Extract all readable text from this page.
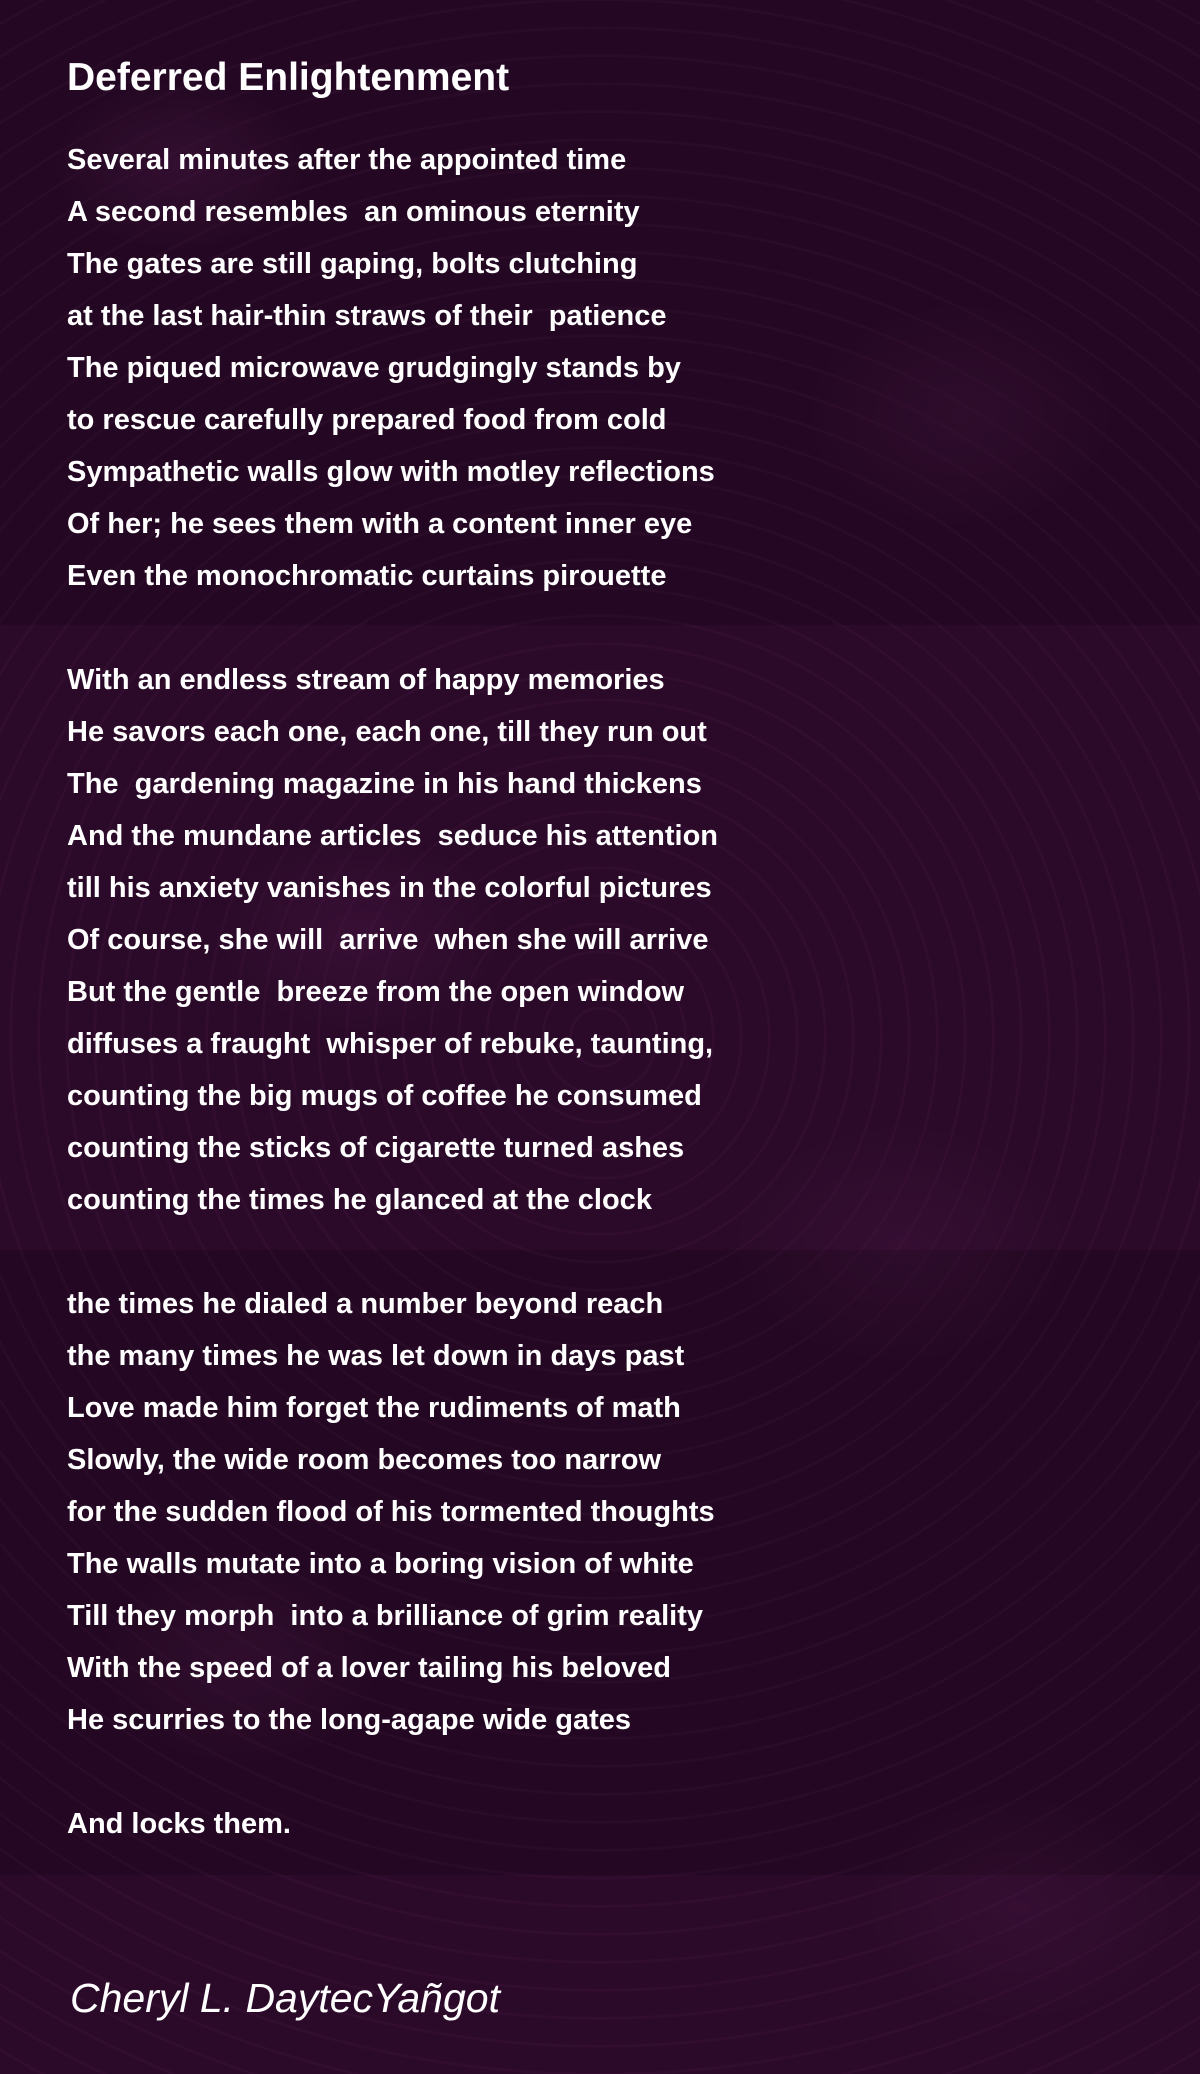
Deferred Enlightenment
Several minutes after the appointed time
A second resembles  an ominous eternity
The gates are still gaping, bolts clutching
at the last hair-thin straws of their  patience
The piqued microwave grudgingly stands by
to rescue carefully prepared food from cold
Sympathetic walls glow with motley reflections
Of her; he sees them with a content inner eye
Even the monochromatic curtains pirouette
With an endless stream of happy memories
He savors each one, each one, till they run out
The  gardening magazine in his hand thickens
And the mundane articles  seduce his attention
till his anxiety vanishes in the colorful pictures
Of course, she will  arrive  when she will arrive
But the gentle  breeze from the open window
diffuses a fraught  whisper of rebuke, taunting,
counting the big mugs of coffee he consumed
counting the sticks of cigarette turned ashes
counting the times he glanced at the clock
the times he dialed a number beyond reach
the many times he was let down in days past
Love made him forget the rudiments of math
Slowly, the wide room becomes too narrow
for the sudden flood of his tormented thoughts
The walls mutate into a boring vision of white
Till they morph  into a brilliance of grim reality
With the speed of a lover tailing his beloved
He scurries to the long-agape wide gates
And locks them.
Cheryl L. DaytecYañgot
